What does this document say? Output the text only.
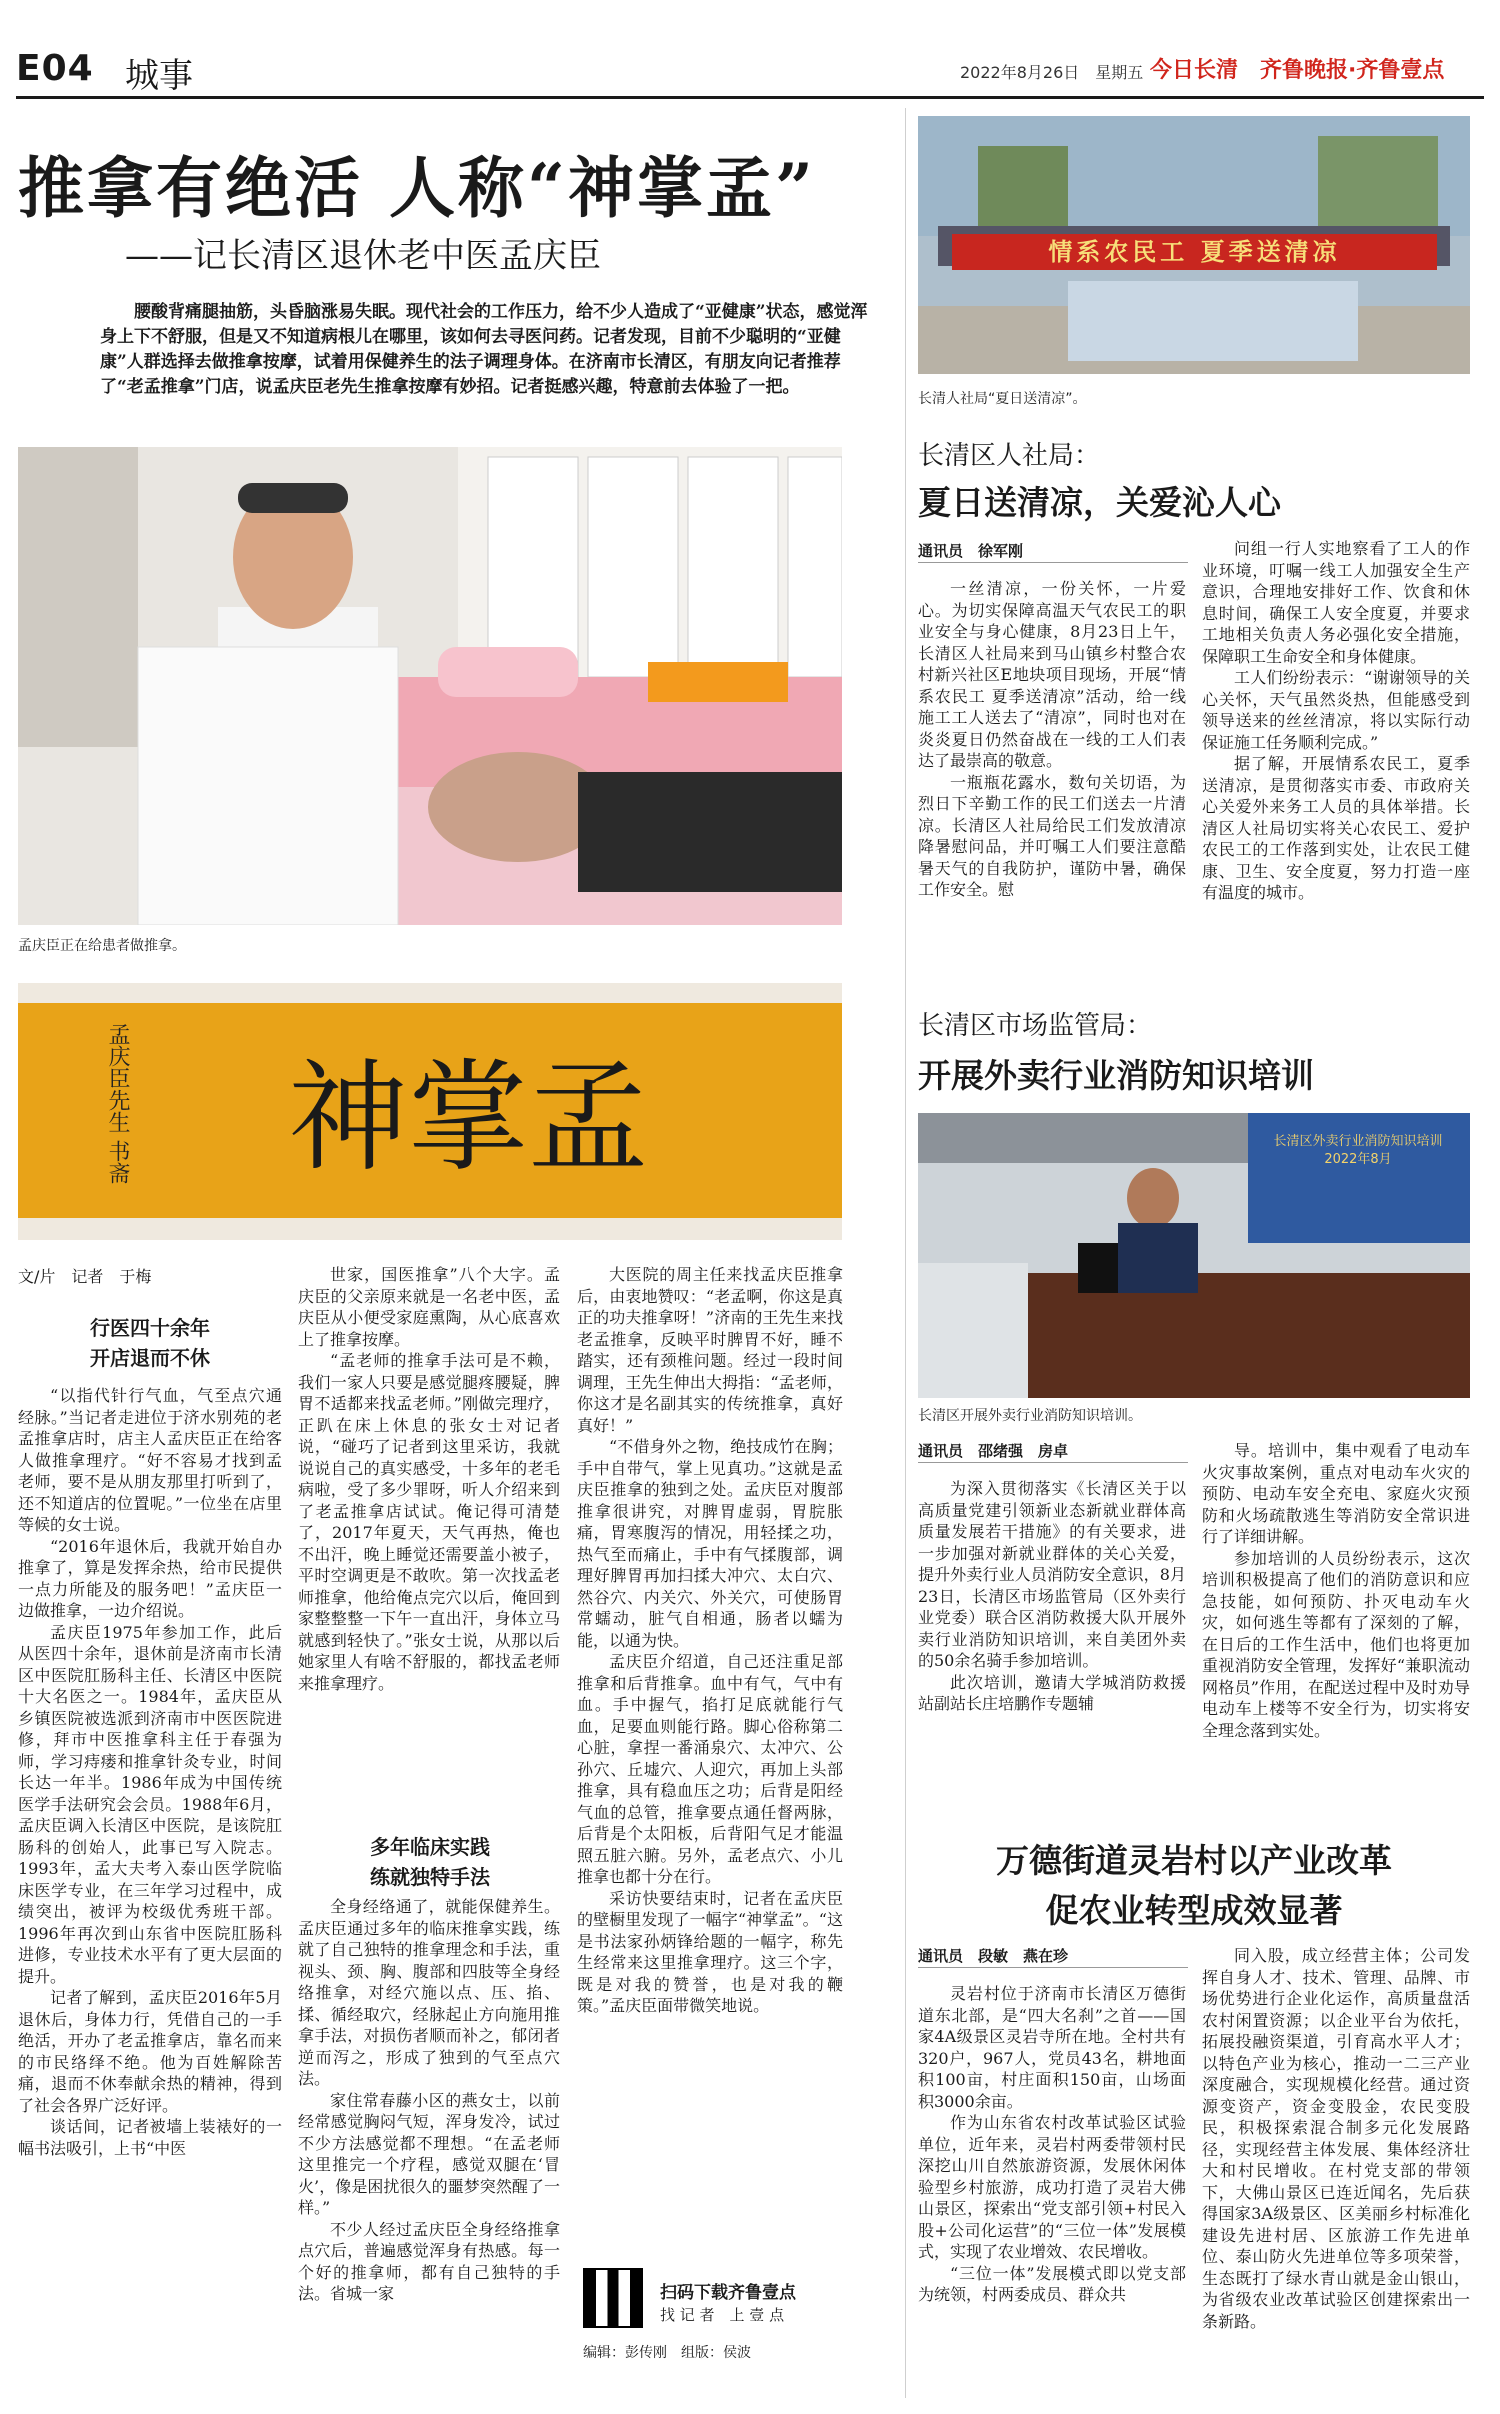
E04 城事	2022年8月26日　星期五 今日长清　齐鲁晚报·齐鲁壹点
推拿有绝活 人称“神掌孟”
——记长清区退休老中医孟庆臣
腰酸背痛腿抽筋，头昏脑涨易失眠。现代社会的工作压力，给不少人造成了“亚健康”状态，感觉浑身上下不舒服，但是又不知道病根儿在哪里，该如何去寻医问药。记者发现，目前不少聪明的“亚健康”人群选择去做推拿按摩，试着用保健养生的法子调理身体。在济南市长清区，有朋友向记者推荐了“老孟推拿”门店，说孟庆臣老先生推拿按摩有妙招。记者挺感兴趣，特意前去体验了一把。
孟庆臣正在给患者做推拿。
神掌孟
孟庆臣先生 书斋
文/片　记者　于梅
行医四十余年
开店退而不休

“以指代针行气血，气至点穴通经脉。”当记者走进位于济水别苑的老孟推拿店时，店主人孟庆臣正在给客人做推拿理疗。“好不容易才找到孟老师，要不是从朋友那里打听到了，还不知道店的位置呢。”一位坐在店里等候的女士说。

“2016年退休后，我就开始自办推拿了，算是发挥余热，给市民提供一点力所能及的服务吧！”孟庆臣一边做推拿，一边介绍说。

孟庆臣1975年参加工作，此后从医四十余年，退休前是济南市长清区中医院肛肠科主任、长清区中医院十大名医之一。1984年，孟庆臣从乡镇医院被选派到济南市中医医院进修，拜市中医推拿科主任于春强为师，学习痔瘘和推拿针灸专业，时间长达一年半。1986年成为中国传统医学手法研究会会员。1988年6月，孟庆臣调入长清区中医院，是该院肛肠科的创始人，此事已写入院志。1993年，孟大夫考入泰山医学院临床医学专业，在三年学习过程中，成绩突出，被评为校级优秀班干部。1996年再次到山东省中医院肛肠科进修，专业技术水平有了更大层面的提升。

记者了解到，孟庆臣2016年5月退休后，身体力行，凭借自己的一手绝活，开办了老孟推拿店，靠名而来的市民络绎不绝。他为百姓解除苦痛，退而不休奉献余热的精神，得到了社会各界广泛好评。

谈话间，记者被墙上装裱好的一幅书法吸引，上书“中医

世家，国医推拿”八个大字。孟庆臣的父亲原来就是一名老中医，孟庆臣从小便受家庭熏陶，从心底喜欢上了推拿按摩。

“孟老师的推拿手法可是不赖，我们一家人只要是感觉腿疼腰疑，脾胃不适都来找孟老师。”刚做完理疗，正趴在床上休息的张女士对记者说，“碰巧了记者到这里采访，我就说说自己的真实感受，十多年的老毛病啦，受了多少罪呀，听人介绍来到了老孟推拿店试试。俺记得可清楚了，2017年夏天，天气再热，俺也不出汗，晚上睡觉还需要盖小被子，平时空调更是不敢吹。第一次找孟老师推拿，他给俺点完穴以后，俺回到家整整整一下午一直出汗，身体立马就感到轻快了。”张女士说，从那以后她家里人有啥不舒服的，都找孟老师来推拿理疗。

多年临床实践
练就独特手法

全身经络通了，就能保健养生。孟庆臣通过多年的临床推拿实践，练就了自己独特的推拿理念和手法，重视头、颈、胸、腹部和四肢等全身经络推拿，对经穴施以点、压、掐、揉、循经取穴，经脉起止方向施用推拿手法，对损伤者顺而补之，郁闭者逆而泻之，形成了独到的气至点穴法。

家住常春藤小区的燕女士，以前经常感觉胸闷气短，浑身发冷，试过不少方法感觉都不理想。“在孟老师这里推完一个疗程，感觉双腿在‘冒火’，像是困扰很久的噩梦突然醒了一样。”

不少人经过孟庆臣全身经络推拿点穴后，普遍感觉浑身有热感。每一个好的推拿师，都有自己独特的手法。省城一家

大医院的周主任来找孟庆臣推拿后，由衷地赞叹：“老孟啊，你这是真正的功夫推拿呀！”济南的王先生来找老孟推拿，反映平时脾胃不好，睡不踏实，还有颈椎问题。经过一段时间调理，王先生伸出大拇指：“孟老师，你这才是名副其实的传统推拿，真好真好！”

“不借身外之物，绝技成竹在胸；手中自带气，掌上见真功。”这就是孟庆臣推拿的独到之处。孟庆臣对腹部推拿很讲究，对脾胃虚弱，胃脘胀痛，胃寒腹泻的情况，用轻揉之功，热气至而痛止，手中有气揉腹部，调理好脾胃再加扫揉大冲穴、太白穴、然谷穴、内关穴、外关穴，可使肠胃常蠕动，脏气自相通，肠者以蠕为能，以通为快。

孟庆臣介绍道，自己还注重足部推拿和后背推拿。血中有气，气中有血。手中握气，掐打足底就能行气血，足要血则能行路。脚心俗称第二心脏，拿捏一番涌泉穴、太冲穴、公孙穴、丘墟穴、人迎穴，再加上头部推拿，具有稳血压之功；后背是阳经气血的总管，推拿要点通任督两脉，后背是个太阳板，后背阳气足才能温照五脏六腑。另外，孟老点穴、小儿推拿也都十分在行。

采访快要结束时，记者在孟庆臣的壁橱里发现了一幅字“神掌孟”。“这是书法家孙炳锋给题的一幅字，称先生经常来这里推拿理疗。这三个字，既是对我的赞誉，也是对我的鞭策。”孟庆臣面带微笑地说。

扫码下载齐鲁壹点
找 记 者　上 壹 点
编辑：彭传刚　组版：侯波
情系农民工 夏季送清凉
长清人社局“夏日送清凉”。
长清区人社局：
夏日送清凉，关爱沁人心
通讯员　徐军刚

一丝清凉，一份关怀，一片爱心。为切实保障高温天气农民工的职业安全与身心健康，8月23日上午，长清区人社局来到马山镇乡村整合农村新兴社区E地块项目现场，开展“情系农民工 夏季送清凉”活动，给一线施工工人送去了“清凉”，同时也对在炎炎夏日仍然奋战在一线的工人们表达了最崇高的敬意。

一瓶瓶花露水，数句关切语，为烈日下辛勤工作的民工们送去一片清凉。长清区人社局给民工们发放清凉降暑慰问品，并叮嘱工人们要注意酷暑天气的自我防护，谨防中暑，确保工作安全。慰

问组一行人实地察看了工人的作业环境，叮嘱一线工人加强安全生产意识，合理地安排好工作、饮食和休息时间，确保工人安全度夏，并要求工地相关负责人务必强化安全措施，保障职工生命安全和身体健康。

工人们纷纷表示：“谢谢领导的关心关怀，天气虽然炎热，但能感受到领导送来的丝丝清凉，将以实际行动保证施工任务顺利完成。”

据了解，开展情系农民工，夏季送清凉，是贯彻落实市委、市政府关心关爱外来务工人员的具体举措。长清区人社局切实将关心农民工、爱护农民工的工作落到实处，让农民工健康、卫生、安全度夏，努力打造一座有温度的城市。

长清区市场监管局：
开展外卖行业消防知识培训
长清区外卖行业消防知识培训
2022年8月
长清区开展外卖行业消防知识培训。
通讯员　邵绪强　房卓

为深入贯彻落实《长清区关于以高质量党建引领新业态新就业群体高质量发展若干措施》的有关要求，进一步加强对新就业群体的关心关爱，提升外卖行业人员消防安全意识，8月23日，长清区市场监管局（区外卖行业党委）联合区消防救援大队开展外卖行业消防知识培训，来自美团外卖的50余名骑手参加培训。

此次培训，邀请大学城消防救援站副站长庄培鹏作专题辅

导。培训中，集中观看了电动车火灾事故案例，重点对电动车火灾的预防、电动车安全充电、家庭火灾预防和火场疏散逃生等消防安全常识进行了详细讲解。

参加培训的人员纷纷表示，这次培训积极提高了他们的消防意识和应急技能，如何预防、扑灭电动车火灾，如何逃生等都有了深刻的了解，在日后的工作生活中，他们也将更加重视消防安全管理，发挥好“兼职流动网格员”作用，在配送过程中及时劝导电动车上楼等不安全行为，切实将安全理念落到实处。

万德街道灵岩村以产业改革
促农业转型成效显著
通讯员　段敏　燕在珍

灵岩村位于济南市长清区万德街道东北部，是“四大名刹”之首——国家4A级景区灵岩寺所在地。全村共有320户，967人，党员43名，耕地面积100亩，村庄面积150亩，山场面积3000余亩。

作为山东省农村改革试验区试验单位，近年来，灵岩村两委带领村民深挖山川自然旅游资源，发展休闲体验型乡村旅游，成功打造了灵岩大佛山景区，探索出“党支部引领+村民入股+公司化运营”的“三位一体”发展模式，实现了农业增效、农民增收。

“三位一体”发展模式即以党支部为统领，村两委成员、群众共

同入股，成立经营主体；公司发挥自身人才、技术、管理、品牌、市场优势进行企业化运作，高质量盘活农村闲置资源；以企业平台为依托，拓展投融资渠道，引育高水平人才；以特色产业为核心，推动一二三产业深度融合，实现规模化经营。通过资源变资产，资金变股金，农民变股民，积极探索混合制多元化发展路径，实现经营主体发展、集体经济壮大和村民增收。在村党支部的带领下，大佛山景区已连近闻名，先后获得国家3A级景区、区美丽乡村标准化建设先进村居、区旅游工作先进单位、泰山防火先进单位等多项荣誉，生态既打了绿水青山就是金山银山，为省级农业改革试验区创建探索出一条新路。
